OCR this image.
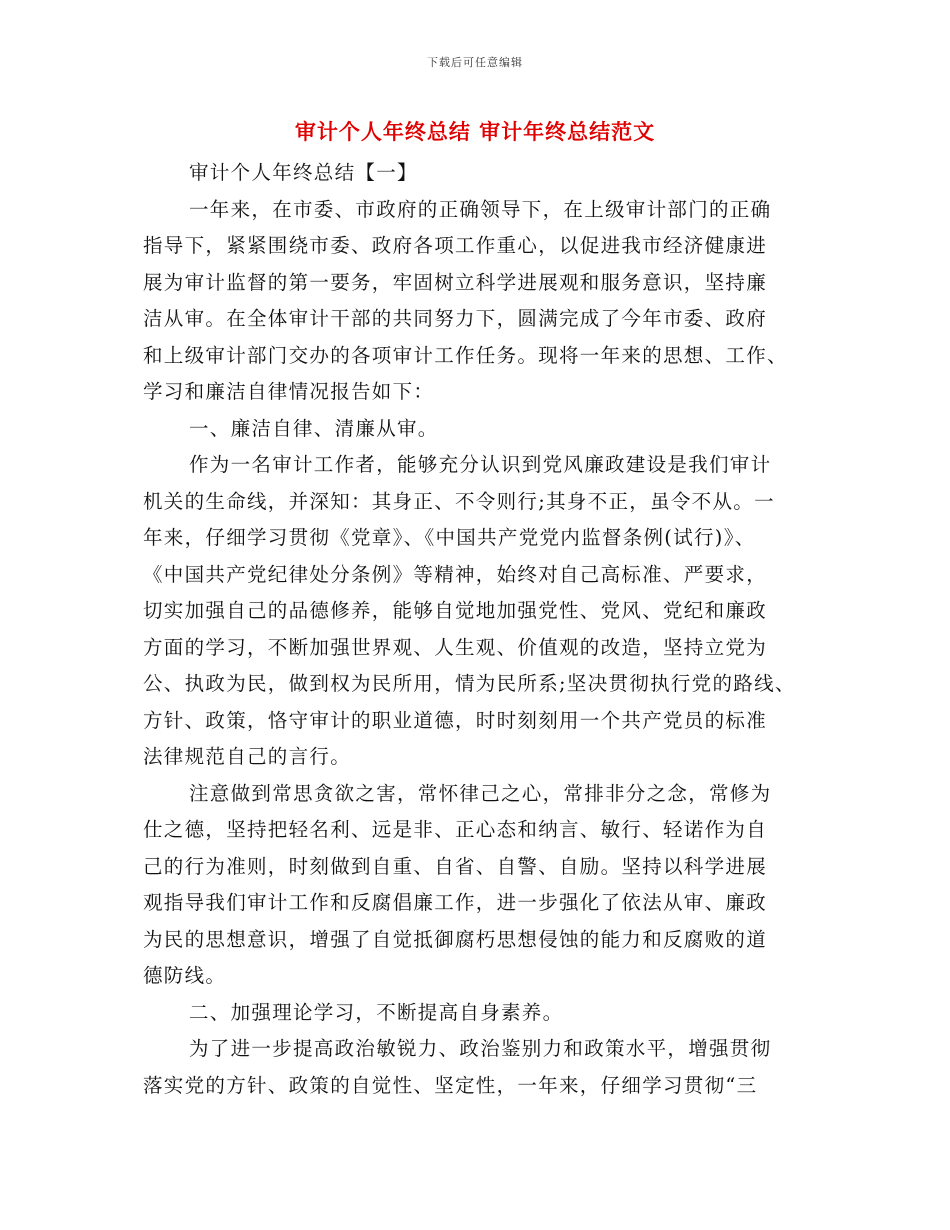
下载后可任意编辑
审计个人年终总结 审计年终总结范文
审计个人年终总结【一】
一年来，在市委、市政府的正确领导下，在上级审计部门的正确
指导下，紧紧围绕市委、政府各项工作重心，以促进我市经济健康进
展为审计监督的第一要务，牢固树立科学进展观和服务意识，坚持廉
洁从审。在全体审计干部的共同努力下，圆满完成了今年市委、政府
和上级审计部门交办的各项审计工作任务。现将一年来的思想、工作、
学习和廉洁自律情况报告如下：
一、廉洁自律、清廉从审。
作为一名审计工作者，能够充分认识到党风廉政建设是我们审计
机关的生命线，并深知：其身正、不令则行;其身不正，虽令不从。一
年来，仔细学习贯彻《党章》、《中国共产党党内监督条例(试行)》、
《中国共产党纪律处分条例》等精神，始终对自己高标准、严要求，
切实加强自己的品德修养，能够自觉地加强党性、党风、党纪和廉政
方面的学习，不断加强世界观、人生观、价值观的改造，坚持立党为
公、执政为民，做到权为民所用，情为民所系;坚决贯彻执行党的路线、
方针、政策，恪守审计的职业道德，时时刻刻用一个共产党员的标准
法律规范自己的言行。
注意做到常思贪欲之害，常怀律己之心，常排非分之念，常修为
仕之德，坚持把轻名利、远是非、正心态和纳言、敏行、轻诺作为自
己的行为准则，时刻做到自重、自省、自警、自励。坚持以科学进展
观指导我们审计工作和反腐倡廉工作，进一步强化了依法从审、廉政
为民的思想意识，增强了自觉抵御腐朽思想侵蚀的能力和反腐败的道
德防线。
二、加强理论学习，不断提高自身素养。
为了进一步提高政治敏锐力、政治鉴别力和政策水平，增强贯彻
落实党的方针、政策的自觉性、坚定性，一年来，仔细学习贯彻“三
